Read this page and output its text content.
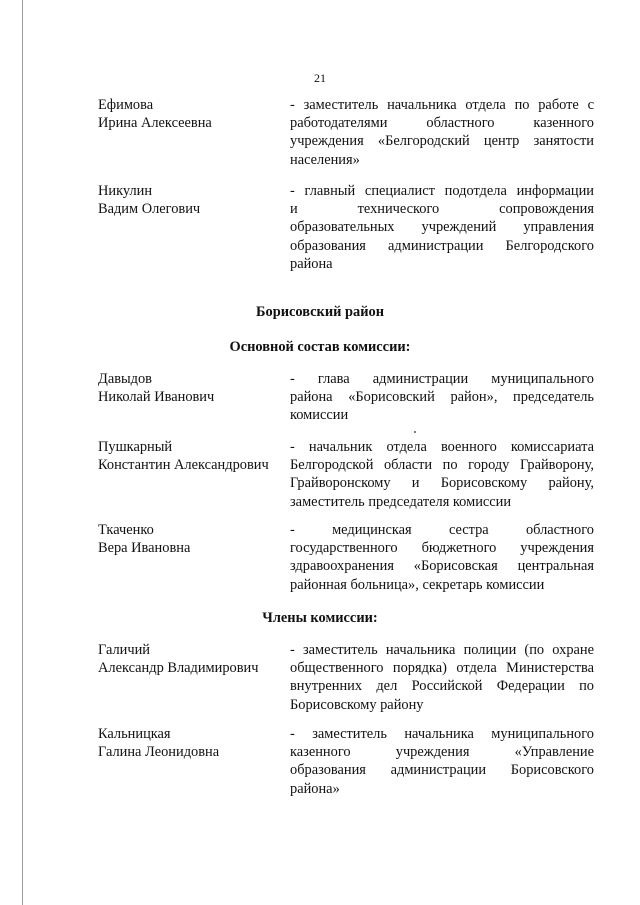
21
Ефимова
Ирина Алексеевна
- заместитель начальника отдела по работе с
работодателями областного казенного
учреждения «Белгородский центр занятости
населения»
Никулин
Вадим Олегович
- главный специалист подотдела информации
и технического сопровождения
образовательных учреждений управления
образования администрации Белгородского
района
Борисовский район
Основной состав комиссии:
Давыдов
Николай Иванович
- глава администрации муниципального
района «Борисовский район», председатель
комиссии
Пушкарный
Константин Александрович
- начальник отдела военного комиссариата
Белгородской области по городу Грайворону,
Грайворонскому и Борисовскому району,
заместитель председателя комиссии
Ткаченко
Вера Ивановна
- медицинская сестра областного
государственного бюджетного учреждения
здравоохранения «Борисовская центральная
районная больница», секретарь комиссии
Члены комиссии:
Галичий
Александр Владимирович
- заместитель начальника полиции (по охране
общественного порядка) отдела Министерства
внутренних дел Российской Федерации по
Борисовскому району
Кальницкая
Галина Леонидовна
- заместитель начальника муниципального
казенного учреждения «Управление
образования администрации Борисовского
района»
